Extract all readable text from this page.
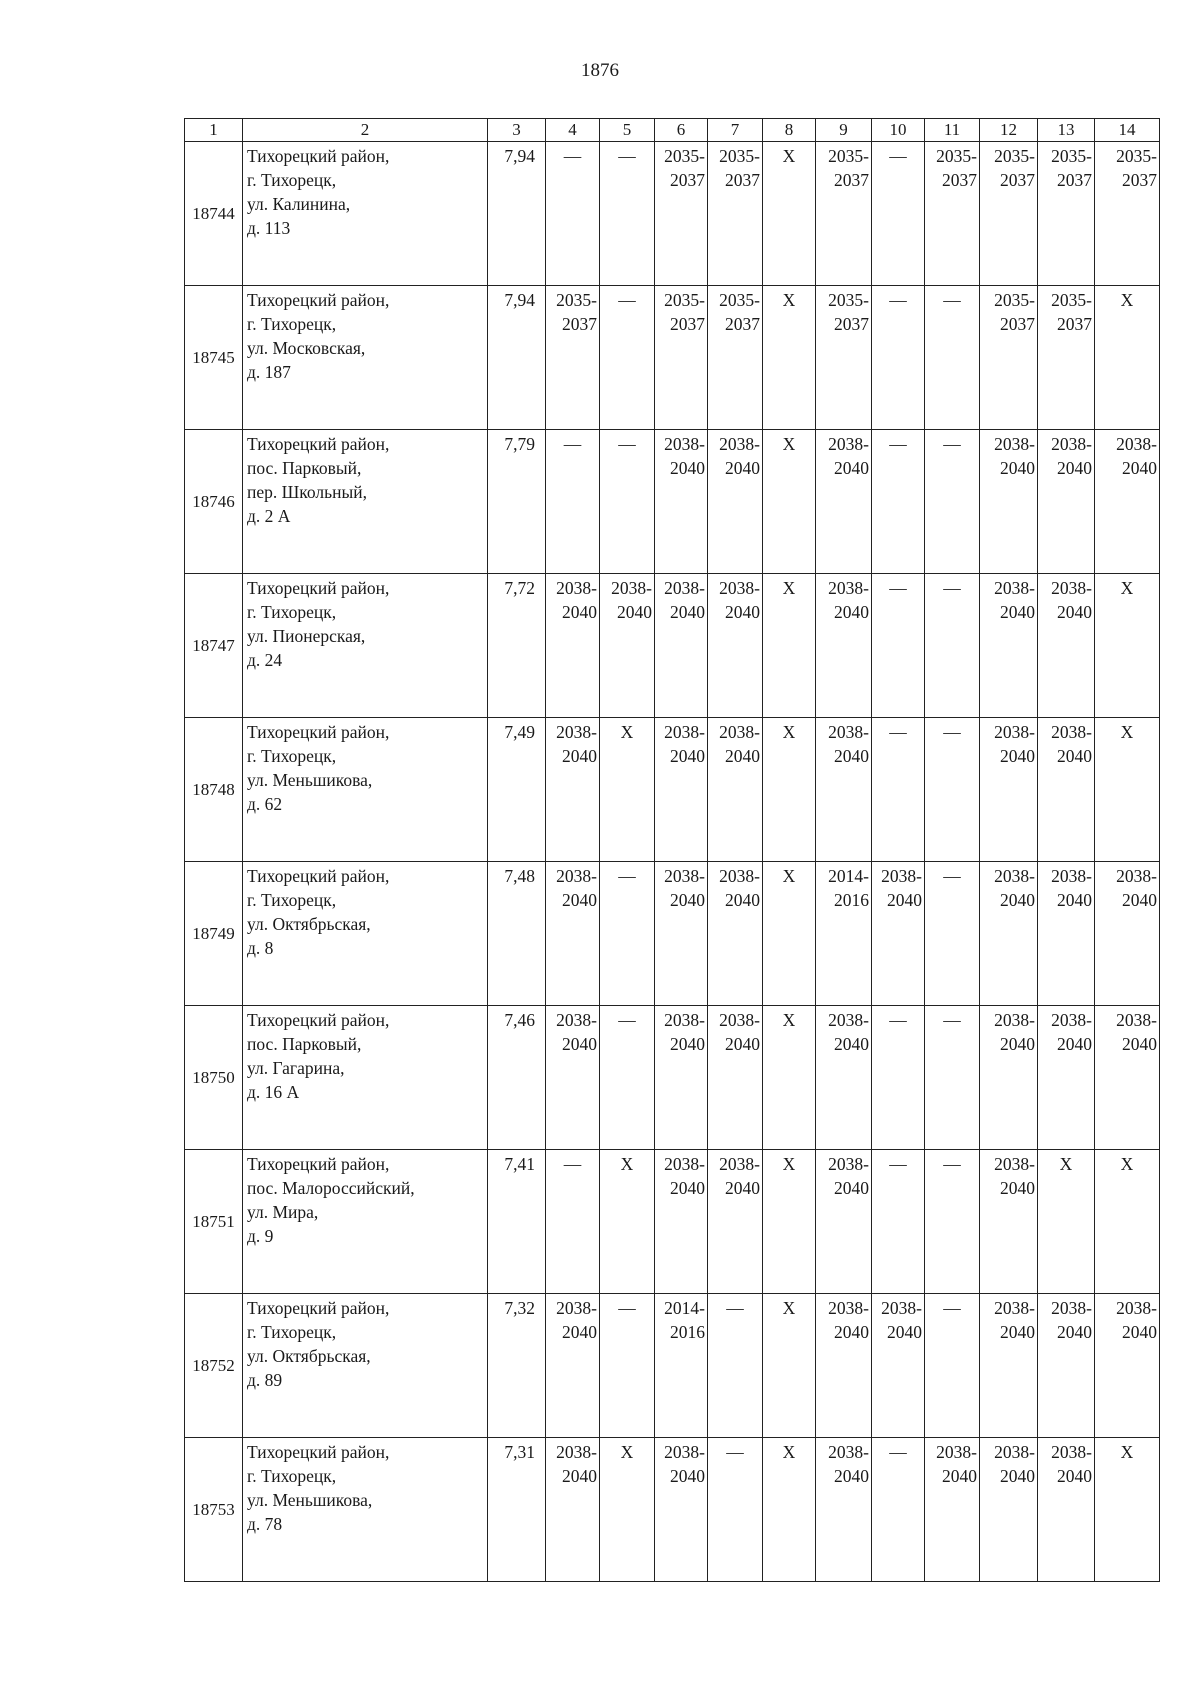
1876
1	2	3	4	5	6	7	8	9	10	11	12	13	14
18744	Тихорецкий район,
г. Тихорецк,
ул. Калинина,
д. 113	7,94	—	—	2035-
2037	2035-
2037	X	2035-
2037	—	2035-
2037	2035-
2037	2035-
2037	2035-
2037

18745	Тихорецкий район,
г. Тихорецк,
ул. Московская,
д. 187	7,94	2035-
2037	—	2035-
2037	2035-
2037	X	2035-
2037	—	—	2035-
2037	2035-
2037	X

18746	Тихорецкий район,
пос. Парковый,
пер. Школьный,
д. 2 А	7,79	—	—	2038-
2040	2038-
2040	X	2038-
2040	—	—	2038-
2040	2038-
2040	2038-
2040

18747	Тихорецкий район,
г. Тихорецк,
ул. Пионерская,
д. 24	7,72	2038-
2040	2038-
2040	2038-
2040	2038-
2040	X	2038-
2040	—	—	2038-
2040	2038-
2040	X

18748	Тихорецкий район,
г. Тихорецк,
ул. Меньшикова,
д. 62	7,49	2038-
2040	X	2038-
2040	2038-
2040	X	2038-
2040	—	—	2038-
2040	2038-
2040	X

18749	Тихорецкий район,
г. Тихорецк,
ул. Октябрьская,
д. 8	7,48	2038-
2040	—	2038-
2040	2038-
2040	X	2014-
2016	2038-
2040	—	2038-
2040	2038-
2040	2038-
2040

18750	Тихорецкий район,
пос. Парковый,
ул. Гагарина,
д. 16 А	7,46	2038-
2040	—	2038-
2040	2038-
2040	X	2038-
2040	—	—	2038-
2040	2038-
2040	2038-
2040

18751	Тихорецкий район,
пос. Малороссийский,
ул. Мира,
д. 9	7,41	—	X	2038-
2040	2038-
2040	X	2038-
2040	—	—	2038-
2040	X	X

18752	Тихорецкий район,
г. Тихорецк,
ул. Октябрьская,
д. 89	7,32	2038-
2040	—	2014-
2016	—	X	2038-
2040	2038-
2040	—	2038-
2040	2038-
2040	2038-
2040

18753	Тихорецкий район,
г. Тихорецк,
ул. Меньшикова,
д. 78	7,31	2038-
2040	X	2038-
2040	—	X	2038-
2040	—	2038-
2040	2038-
2040	2038-
2040	X
